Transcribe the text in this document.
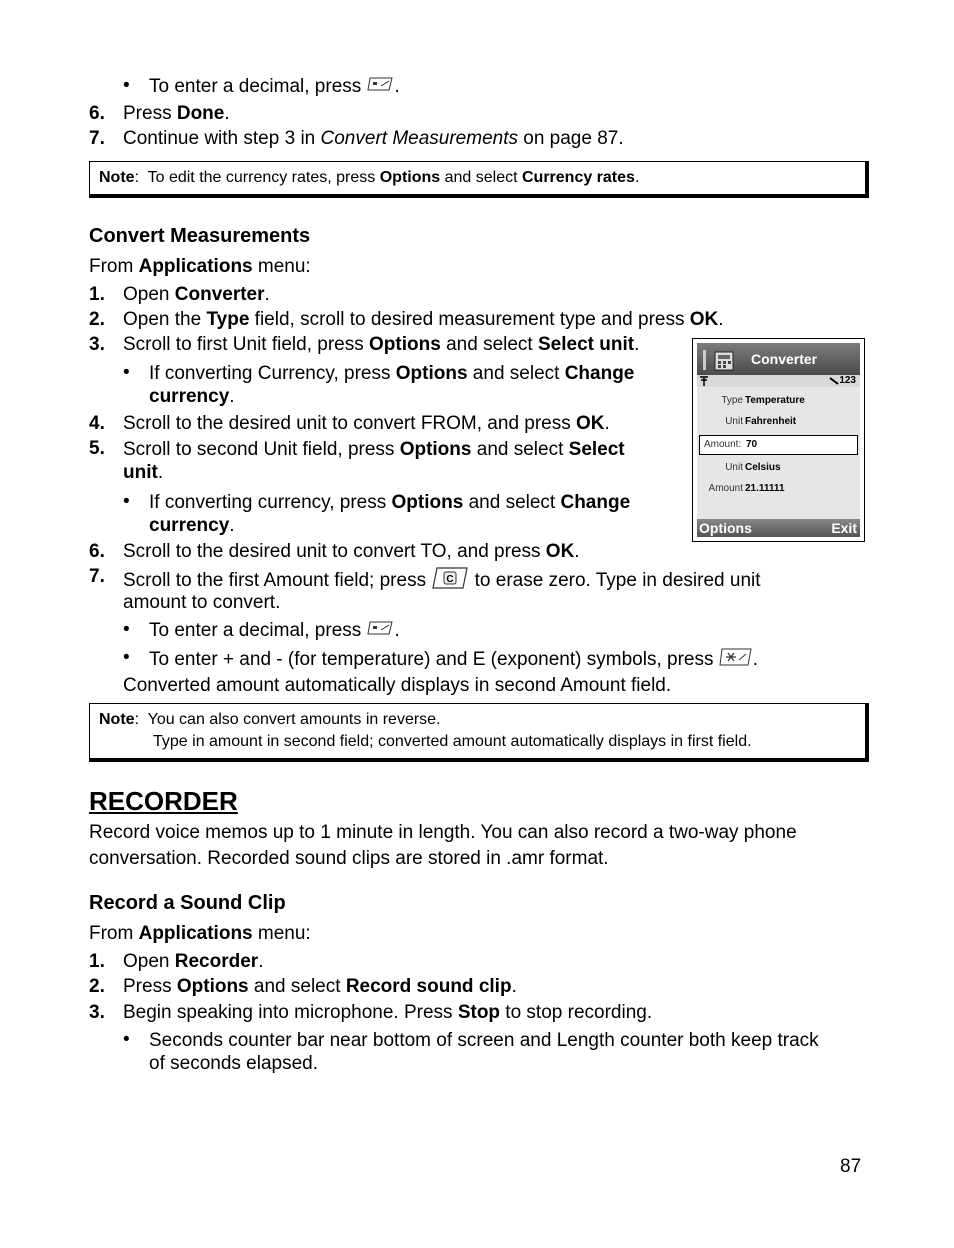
• To enter a decimal, press .
6. Press Done.
7. Continue with step 3 in Convert Measurements on page 87.
Note:  To edit the currency rates, press Options and select Currency rates.
Convert Measurements
From Applications menu:
1. Open Converter.
2. Open the Type field, scroll to desired measurement type and press OK.
3. Scroll to first Unit field, press Options and select Select unit.
• If converting Currency, press Options and select Change
currency.
4. Scroll to the desired unit to convert FROM, and press OK.
5. Scroll to second Unit field, press Options and select Select
unit.
• If converting currency, press Options and select Change
currency.
6. Scroll to the desired unit to convert TO, and press OK.
7. Scroll to the first Amount field; press C to erase zero. Type in desired unit
amount to convert.
• To enter a decimal, press .
• To enter + and - (for temperature) and E (exponent) symbols, press .
Converted amount automatically displays in second Amount field.
Note:  You can also convert amounts in reverse.
Type in amount in second field; converted amount automatically displays in first field.
Converter
123
Type Temperature
Unit Fahrenheit
Amount: 70
Unit Celsius
Amount 21.11111
Options	Exit
RECORDER
Record voice memos up to 1 minute in length. You can also record a two-way phone
conversation. Recorded sound clips are stored in .amr format.
Record a Sound Clip
From Applications menu:
1. Open Recorder.
2. Press Options and select Record sound clip.
3. Begin speaking into microphone. Press Stop to stop recording.
• Seconds counter bar near bottom of screen and Length counter both keep track
of seconds elapsed.
87
